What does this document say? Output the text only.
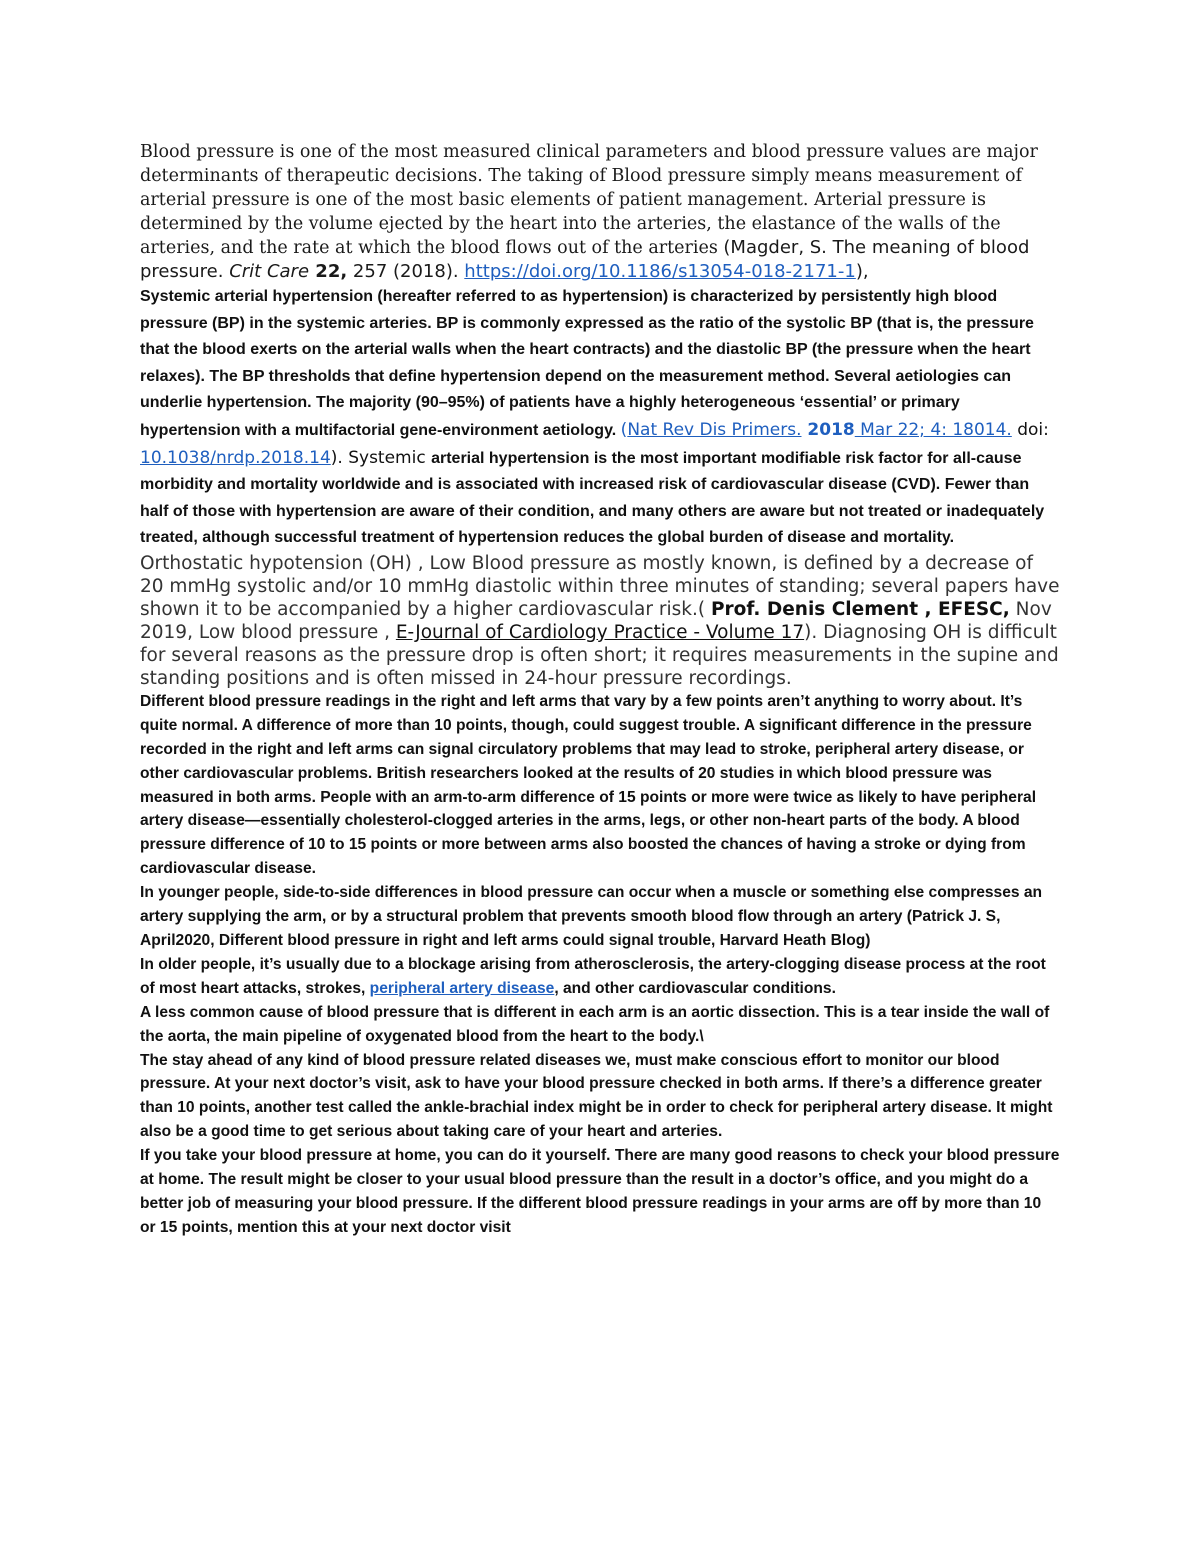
Blood pressure is one of the most measured clinical parameters and blood pressure values are major determinants of therapeutic decisions. The taking of Blood pressure simply means measurement of arterial pressure is one of the most basic elements of patient management. Arterial pressure is determined by the volume ejected by the heart into the arteries, the elastance of the walls of the arteries, and the rate at which the blood flows out of the arteries (Magder, S. The meaning of blood pressure. Crit Care 22, 257 (2018). https://doi.org/10.1186/s13054-018-2171-1),

Systemic arterial hypertension (hereafter referred to as hypertension) is characterized by persistently high blood pressure (BP) in the systemic arteries. BP is commonly expressed as the ratio of the systolic BP (that is, the pressure that the blood exerts on the arterial walls when the heart contracts) and the diastolic BP (the pressure when the heart relaxes). The BP thresholds that define hypertension depend on the measurement method. Several aetiologies can underlie hypertension. The majority (90–95%) of patients have a highly heterogeneous ‘essential’ or primary hypertension with a multifactorial gene-environment aetiology. (Nat Rev Dis Primers. 2018 Mar 22; 4: 18014. doi: 10.1038/nrdp.2018.14). Systemic arterial hypertension is the most important modifiable risk factor for all-cause morbidity and mortality worldwide and is associated with increased risk of cardiovascular disease (CVD). Fewer than half of those with hypertension are aware of their condition, and many others are aware but not treated or inadequately treated, although successful treatment of hypertension reduces the global burden of disease and mortality.

Orthostatic hypotension (OH) , Low Blood pressure as mostly known, is defined by a decrease of 20 mmHg systolic and/or 10 mmHg diastolic within three minutes of standing; several papers have shown it to be accompanied by a higher cardiovascular risk.( Prof. Denis Clement , EFESC, Nov 2019, Low blood pressure , E-Journal of Cardiology Practice - Volume 17). Diagnosing OH is difficult for several reasons as the pressure drop is often short; it requires measurements in the supine and standing positions and is often missed in 24-hour pressure recordings.

Different blood pressure readings in the right and left arms that vary by a few points aren’t anything to worry about. It’s quite normal. A difference of more than 10 points, though, could suggest trouble. A significant difference in the pressure recorded in the right and left arms can signal circulatory problems that may lead to stroke, peripheral artery disease, or other cardiovascular problems. British researchers looked at the results of 20 studies in which blood pressure was measured in both arms. People with an arm-to-arm difference of 15 points or more were twice as likely to have peripheral artery disease—essentially cholesterol-clogged arteries in the arms, legs, or other non-heart parts of the body. A blood pressure difference of 10 to 15 points or more between arms also boosted the chances of having a stroke or dying from cardiovascular disease.

In younger people, side-to-side differences in blood pressure can occur when a muscle or something else compresses an artery supplying the arm, or by a structural problem that prevents smooth blood flow through an artery (Patrick J. S, April2020, Different blood pressure in right and left arms could signal trouble, Harvard Heath Blog)

In older people, it’s usually due to a blockage arising from atherosclerosis, the artery-clogging disease process at the root of most heart attacks, strokes, peripheral artery disease, and other cardiovascular conditions.

A less common cause of blood pressure that is different in each arm is an aortic dissection. This is a tear inside the wall of the aorta, the main pipeline of oxygenated blood from the heart to the body.\

The stay ahead of any kind of blood pressure related diseases we, must make conscious effort to monitor our blood pressure. At your next doctor’s visit, ask to have your blood pressure checked in both arms. If there’s a difference greater than 10 points, another test called the ankle-brachial index might be in order to check for peripheral artery disease. It might also be a good time to get serious about taking care of your heart and arteries.

If you take your blood pressure at home, you can do it yourself. There are many good reasons to check your blood pressure at home. The result might be closer to your usual blood pressure than the result in a doctor’s office, and you might do a better job of measuring your blood pressure. If the different blood pressure readings in your arms are off by more than 10 or 15 points, mention this at your next doctor visit
